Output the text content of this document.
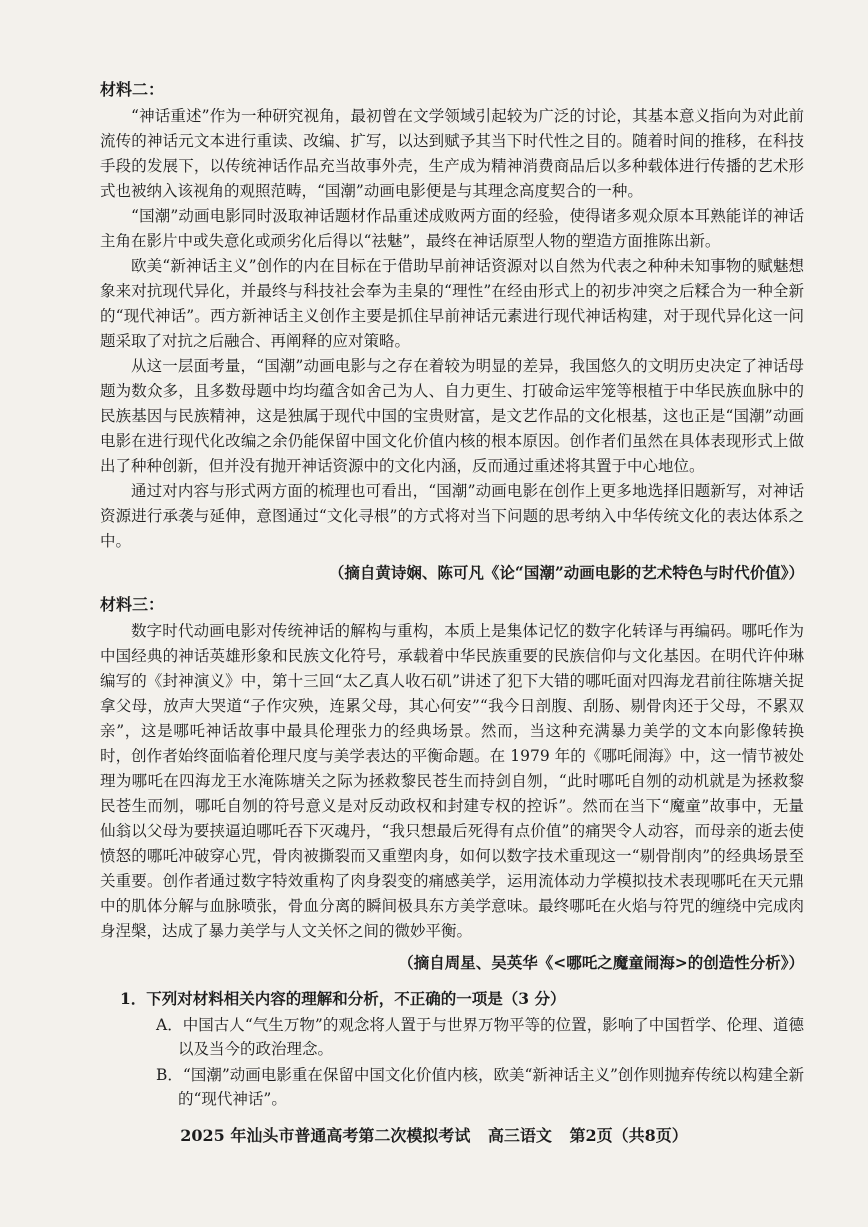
材料二：

“神话重述”作为一种研究视角，最初曾在文学领域引起较为广泛的讨论，其基本意义指向为对此前流传的神话元文本进行重读、改编、扩写，以达到赋予其当下时代性之目的。随着时间的推移，在科技手段的发展下，以传统神话作品充当故事外壳，生产成为精神消费商品后以多种载体进行传播的艺术形式也被纳入该视角的观照范畴，“国潮”动画电影便是与其理念高度契合的一种。

“国潮”动画电影同时汲取神话题材作品重述成败两方面的经验，使得诸多观众原本耳熟能详的神话主角在影片中或失意化或顽劣化后得以“祛魅”，最终在神话原型人物的塑造方面推陈出新。

欧美“新神话主义”创作的内在目标在于借助早前神话资源对以自然为代表之种种未知事物的赋魅想象来对抗现代异化，并最终与科技社会奉为圭臬的“理性”在经由形式上的初步冲突之后糅合为一种全新的“现代神话”。西方新神话主义创作主要是抓住早前神话元素进行现代神话构建，对于现代异化这一问题采取了对抗之后融合、再阐释的应对策略。

从这一层面考量，“国潮”动画电影与之存在着较为明显的差异，我国悠久的文明历史决定了神话母题为数众多，且多数母题中均均蕴含如舍己为人、自力更生、打破命运牢笼等根植于中华民族血脉中的民族基因与民族精神，这是独属于现代中国的宝贵财富，是文艺作品的文化根基，这也正是“国潮”动画电影在进行现代化改编之余仍能保留中国文化价值内核的根本原因。创作者们虽然在具体表现形式上做出了种种创新，但并没有抛开神话资源中的文化内涵，反而通过重述将其置于中心地位。

通过对内容与形式两方面的梳理也可看出，“国潮”动画电影在创作上更多地选择旧题新写，对神话资源进行承袭与延伸，意图通过“文化寻根”的方式将对当下问题的思考纳入中华传统文化的表达体系之中。

（摘自黄诗娴、陈可凡《论“国潮”动画电影的艺术特色与时代价值》）

材料三：

数字时代动画电影对传统神话的解构与重构，本质上是集体记忆的数字化转译与再编码。哪吒作为中国经典的神话英雄形象和民族文化符号，承载着中华民族重要的民族信仰与文化基因。在明代许仲琳编写的《封神演义》中，第十三回“太乙真人收石矶”讲述了犯下大错的哪吒面对四海龙君前往陈塘关捉拿父母，放声大哭道“子作灾殃，连累父母，其心何安”“我今日剖腹、刮肠、剔骨肉还于父母，不累双亲”，这是哪吒神话故事中最具伦理张力的经典场景。然而，当这种充满暴力美学的文本向影像转换时，创作者始终面临着伦理尺度与美学表达的平衡命题。在 1979 年的《哪吒闹海》中，这一情节被处理为哪吒在四海龙王水淹陈塘关之际为拯救黎民苍生而持剑自刎，“此时哪吒自刎的动机就是为拯救黎民苍生而刎，哪吒自刎的符号意义是对反动政权和封建专权的控诉”。然而在当下“魔童”故事中，无量仙翁以父母为要挟逼迫哪吒吞下灭魂丹，“我只想最后死得有点价值”的痛哭令人动容，而母亲的逝去使愤怒的哪吒冲破穿心咒，骨肉被撕裂而又重塑肉身，如何以数字技术重现这一“剔骨削肉”的经典场景至关重要。创作者通过数字特效重构了肉身裂变的痛感美学，运用流体动力学模拟技术表现哪吒在天元鼎中的肌体分解与血脉喷张，骨血分离的瞬间极具东方美学意味。最终哪吒在火焰与符咒的缠绕中完成肉身涅槃，达成了暴力美学与人文关怀之间的微妙平衡。

（摘自周星、吴英华《<哪吒之魔童闹海>的创造性分析》）

1．下列对材料相关内容的理解和分析，不正确的一项是（3 分）

A．中国古人“气生万物”的观念将人置于与世界万物平等的位置，影响了中国哲学、伦理、道德以及当今的政治理念。

B．“国潮”动画电影重在保留中国文化价值内核，欧美“新神话主义”创作则抛弃传统以构建全新的“现代神话”。

2025 年汕头市普通高考第二次模拟考试 高三语文 第2页（共8页）
